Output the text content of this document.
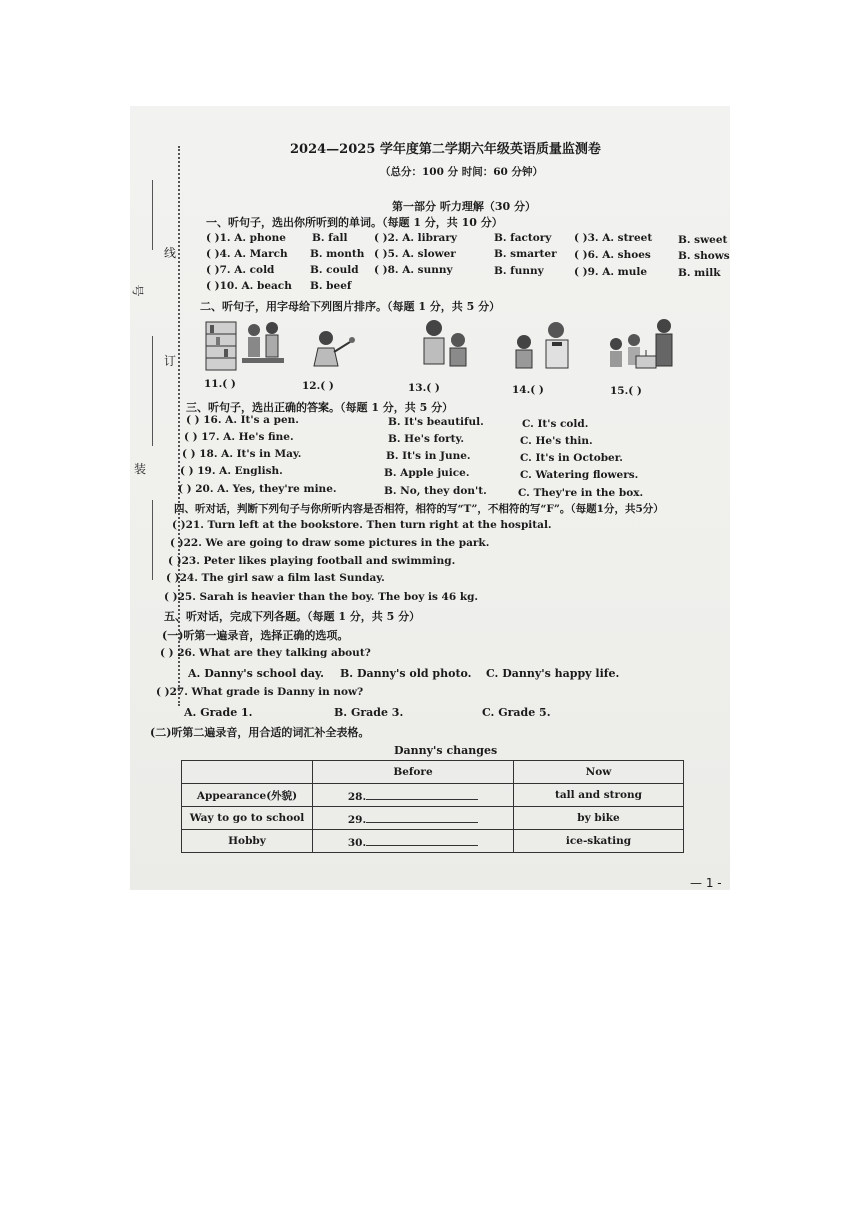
号
线
订
装
2024—2025 学年度第二学期六年级英语质量监测卷
（总分：100 分 时间：60 分钟）
第一部分 听力理解（30 分）
一、听句子，选出你所听到的单词。（每题 1 分，共 10 分）
( )1. A. phone B. fall	( )2. A. library	B. factory ( )3. A. street B. sweet
( )4. A. March B. month ( )5. A. slower	B. smarter ( )6. A. shoes	B. shows
( )7. A. cold	B. could ( )8. A. sunny	B. funny	( )9. A. mule	B. milk
( )10. A. beach B. beef
二、听句子，用字母给下列图片排序。（每题 1 分，共 5 分）
11.( )	12.( )	13.( )	14.( )	15.( )
三、听句子，选出正确的答案。（每题 1 分，共 5 分）
( ) 16. A. It's a pen.	B. It's beautiful.	C. It's cold.
( ) 17. A. He's fine.	B. He's forty.	C. He's thin.
( ) 18. A. It's in May.	B. It's in June.	C. It's in October.
( ) 19. A. English.	B. Apple juice.	C. Watering flowers.
( ) 20. A. Yes, they're mine.	B. No, they don't.	C. They're in the box.
四、听对话，判断下列句子与你所听内容是否相符，相符的写“T”，不相符的写“F”。（每题1分，共5分）
( )21. Turn left at the bookstore. Then turn right at the hospital.
( )22. We are going to draw some pictures in the park.
( )23. Peter likes playing football and swimming.
( )24. The girl saw a film last Sunday.
( )25. Sarah is heavier than the boy. The boy is 46 kg.
五、听对话，完成下列各题。（每题 1 分，共 5 分）
(一)听第一遍录音，选择正确的选项。
( ) 26. What are they talking about?
A. Danny's school day. B. Danny's old photo. C. Danny's happy life.
( )27. What grade is Danny in now?
A. Grade 1.	B. Grade 3.	C. Grade 5.
(二)听第二遍录音，用合适的词汇补全表格。
Danny's changes
	Before	Now
Appearance(外貌)	28.	tall and strong
Way to go to school	29.	by bike
Hobby	30.	ice-skating
— 1 -
